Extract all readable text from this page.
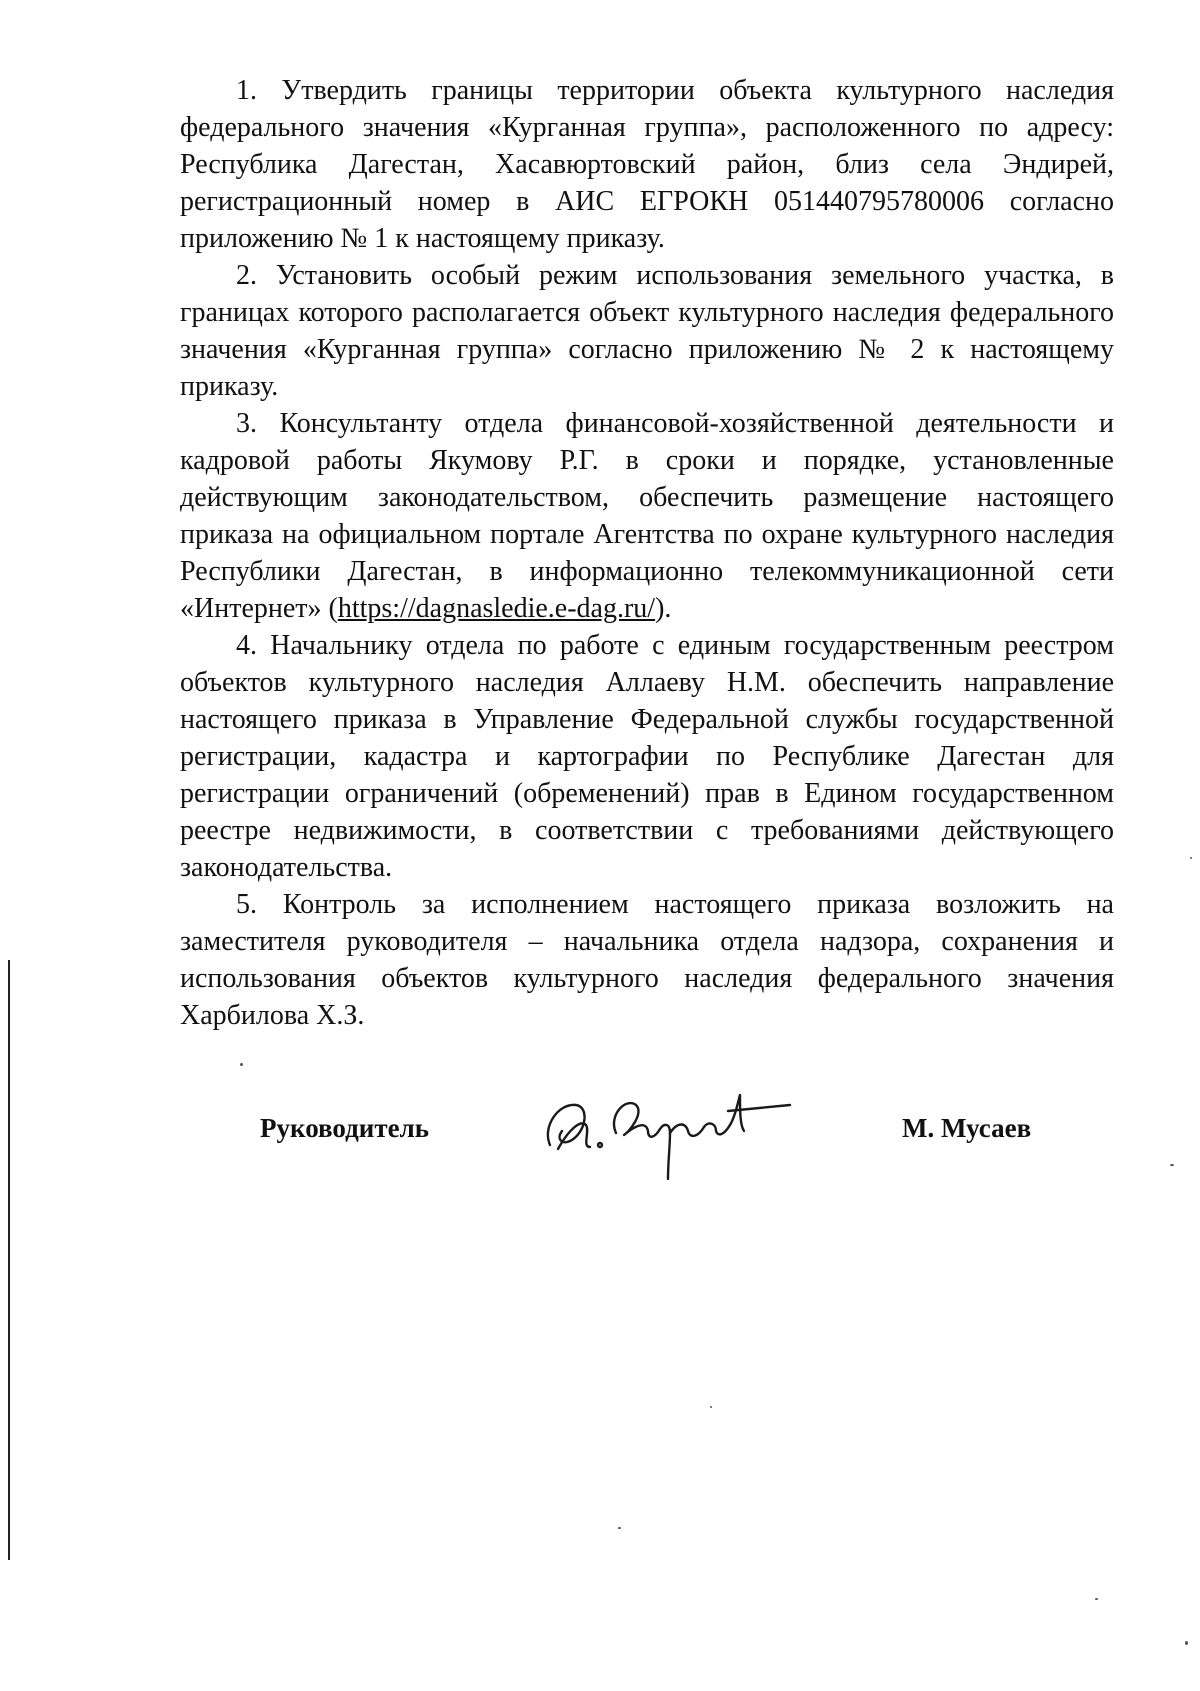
1. Утвердить границы территории объекта культурного наследия федерального значения «Курганная группа», расположенного по адресу: Республика Дагестан, Хасавюртовский район, близ села Эндирей, регистрационный номер в АИС ЕГРОКН 051440795780006 согласно приложению № 1 к настоящему приказу.

2. Установить особый режим использования земельного участка, в границах которого располагается объект культурного наследия федерального значения «Курганная группа» согласно приложению № 2 к настоящему приказу.

3. Консультанту отдела финансовой-хозяйственной деятельности и кадровой работы Якумову Р.Г. в сроки и порядке, установленные действующим законодательством, обеспечить размещение настоящего приказа на официальном портале Агентства по охране культурного наследия Республики Дагестан, в информационно телекоммуникационной сети «Интернет» (https://dagnasledie.e-dag.ru/).

4. Начальнику отдела по работе с единым государственным реестром объектов культурного наследия Аллаеву Н.М. обеспечить направление настоящего приказа в Управление Федеральной службы государственной регистрации, кадастра и картографии по Республике Дагестан для регистрации ограничений (обременений) прав в Едином государственном реестре недвижимости, в соответствии с требованиями действующего законодательства.

5. Контроль за исполнением настоящего приказа возложить на заместителя руководителя – начальника отдела надзора, сохранения и использования объектов культурного наследия федерального значения Харбилова Х.З.

Руководитель	М. Мусаев
